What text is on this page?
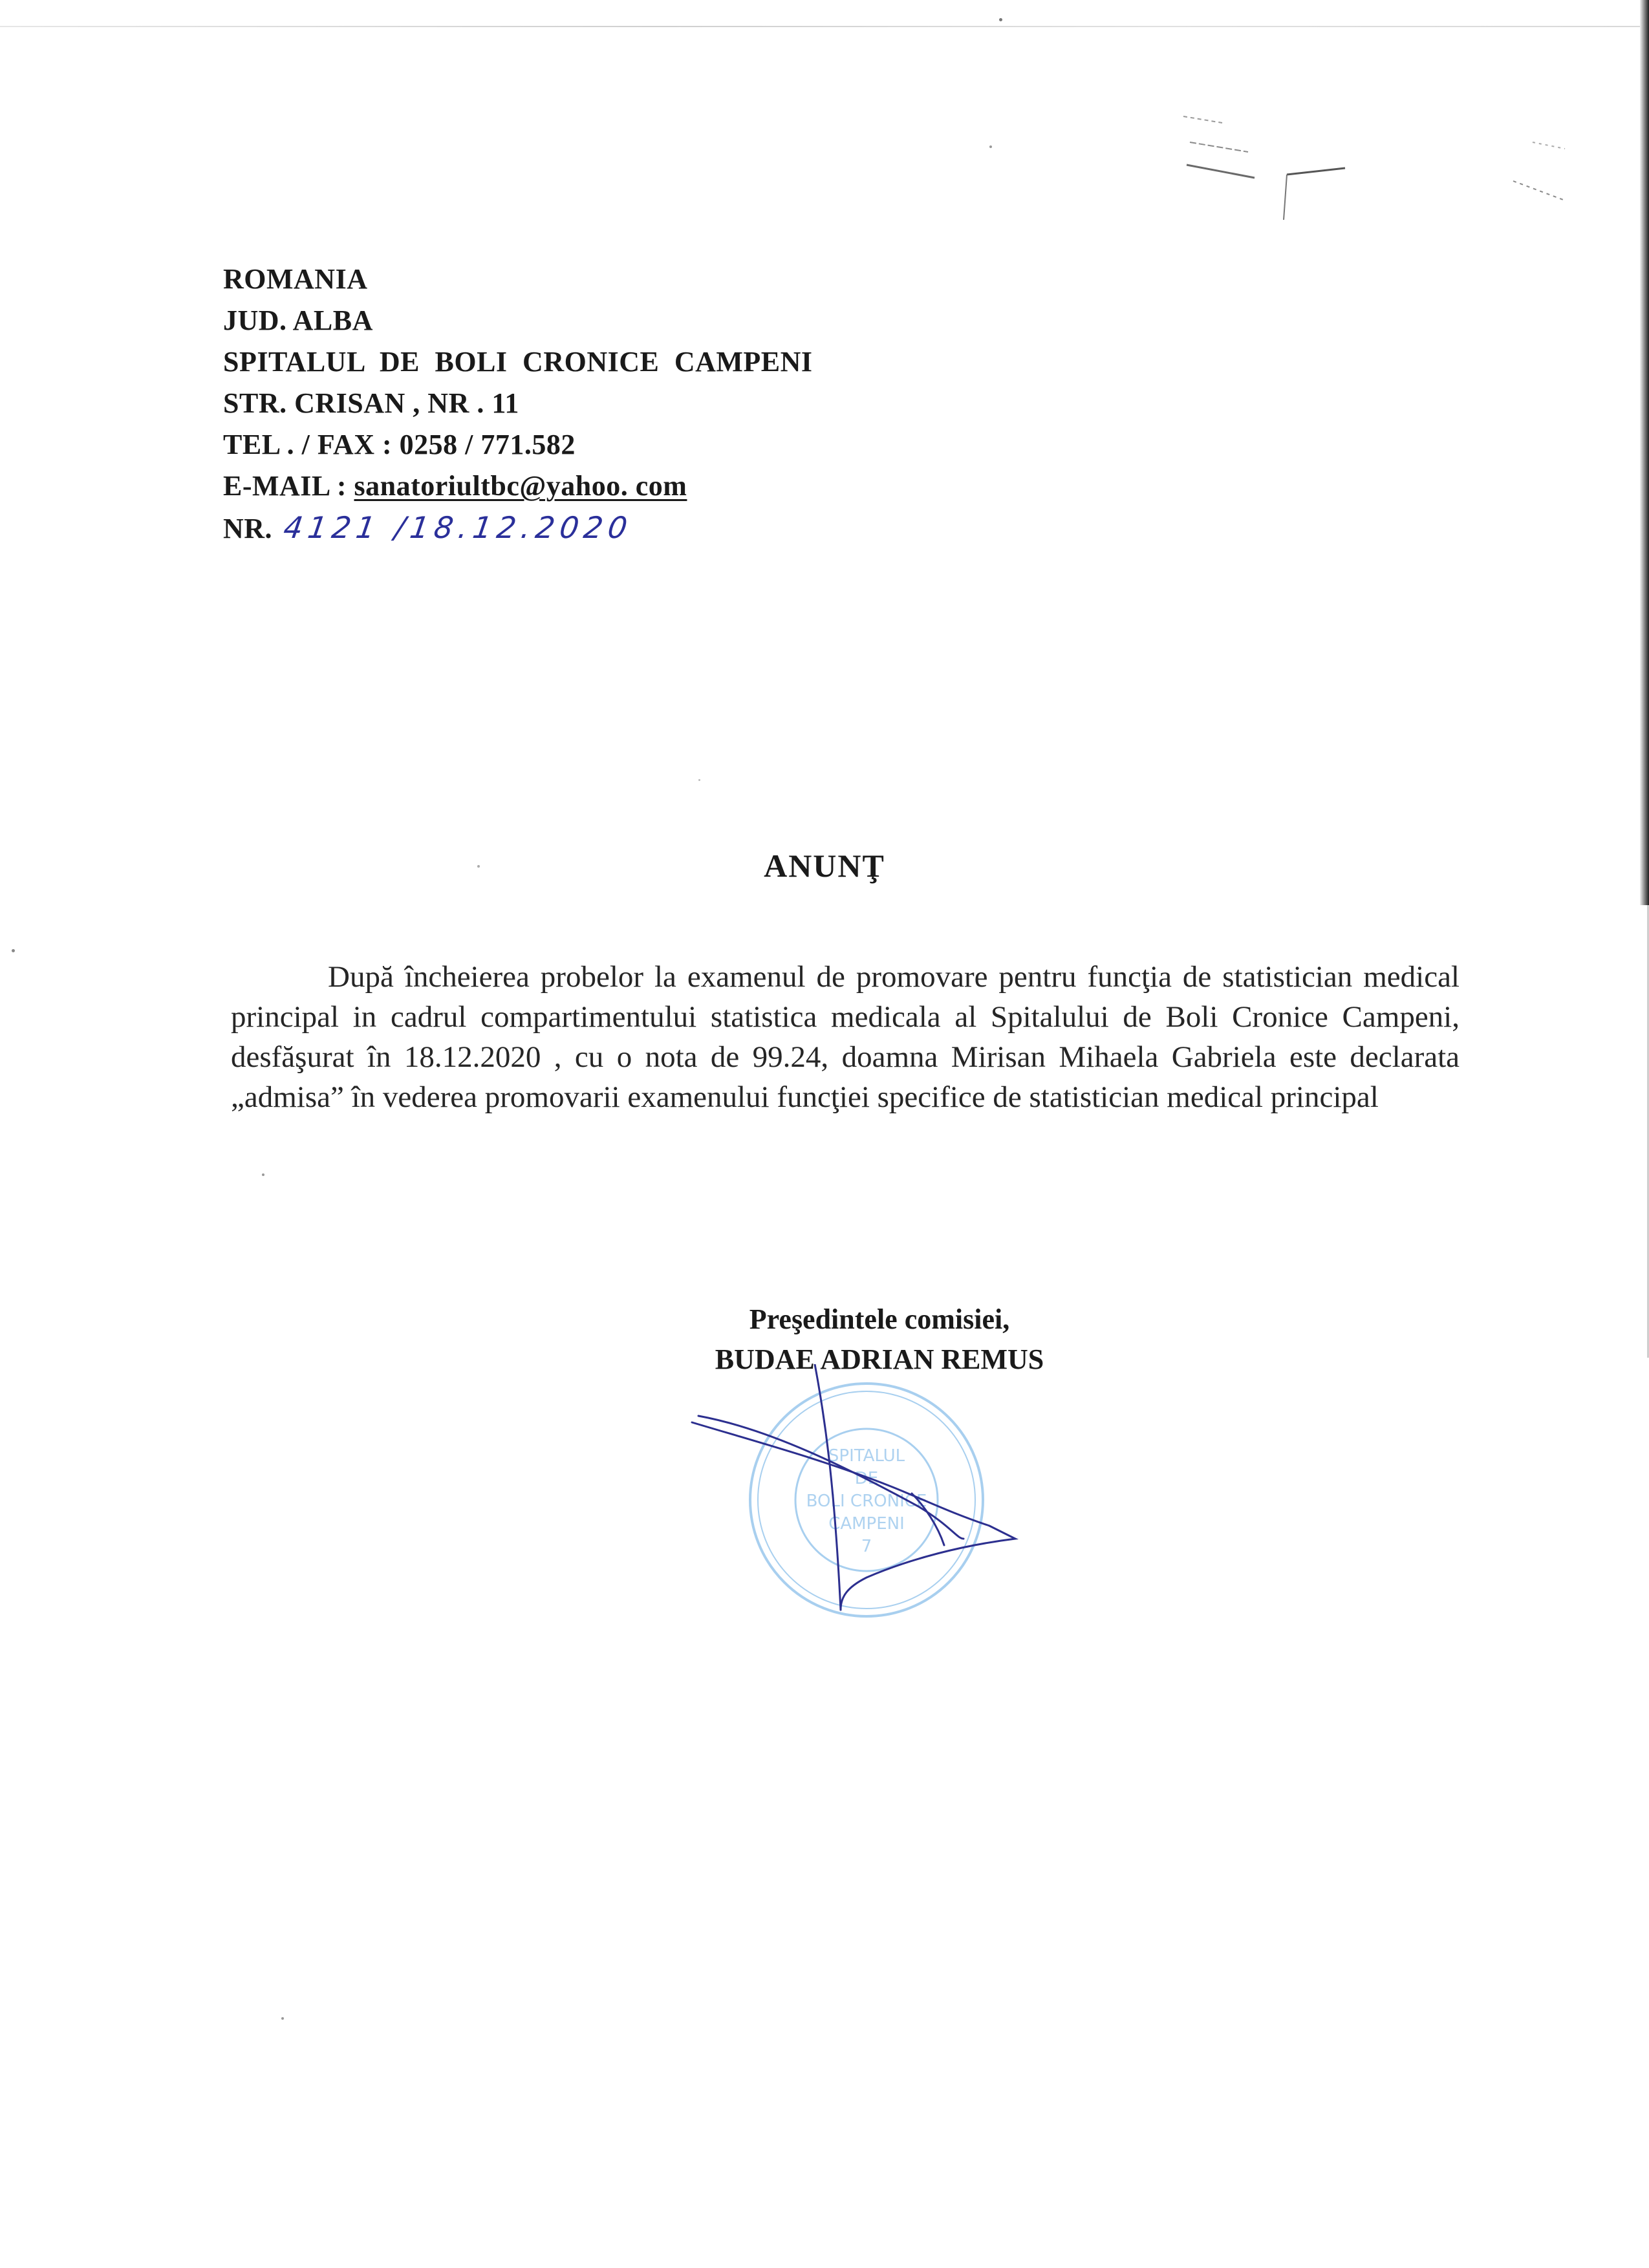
ROMANIA
JUD. ALBA
SPITALUL DE BOLI CRONICE CAMPENI
STR. CRISAN , NR . 11
TEL . / FAX : 0258 / 771.582
E-MAIL : sanatoriultbc@yahoo. com
NR. 4121 /18.12.2020
ANUNŢ
După încheierea probelor la examenul de promovare pentru funcţia de statistician medical principal in cadrul compartimentului statistica medicala al Spitalului de Boli Cronice Campeni, desfăşurat în 18.12.2020 , cu o nota de 99.24, doamna Mirisan Mihaela Gabriela este declarata „admisa” în vederea promovarii examenului funcţiei specifice de statistician medical principal
Preşedintele comisiei,
BUDAE ADRIAN REMUS
SPITALUL
DE
BOLI CRONICE
CAMPENI
7
